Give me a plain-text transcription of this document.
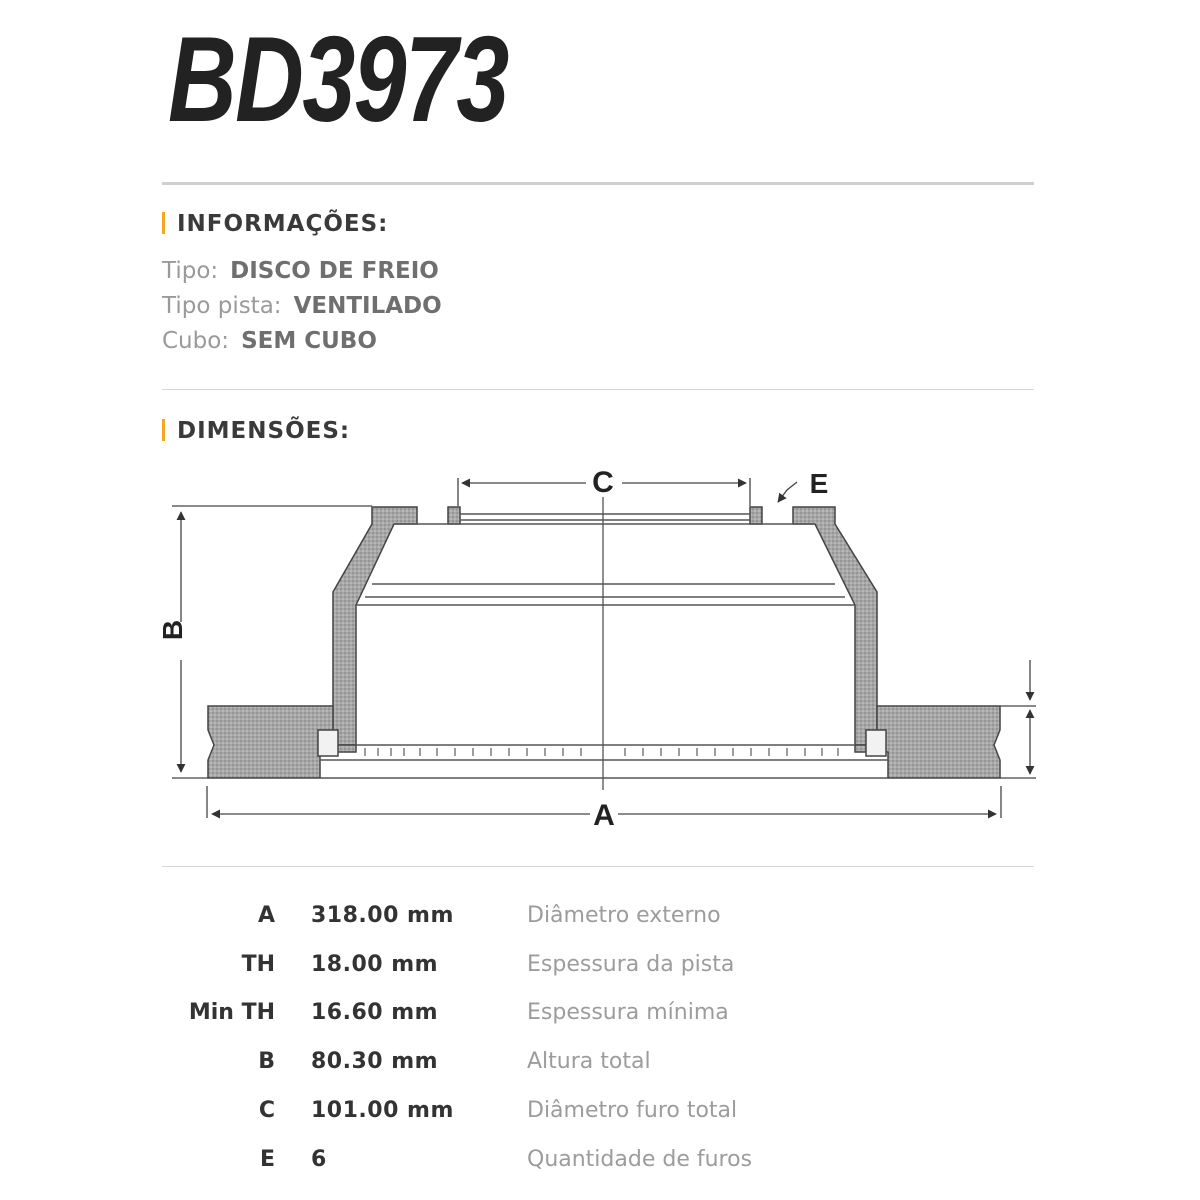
BD3973
INFORMAÇÕES:
Tipo: DISCO DE FREIO
Tipo pista: VENTILADO
Cubo: SEM CUBO
DIMENSÕES:
C	E
B
A
A 318.00 mm	Diâmetro externo
TH 18.00 mm	Espessura da pista
Min TH 16.60 mm	Espessura mínima
B 80.30 mm	Altura total
C 101.00 mm	Diâmetro furo total
E 6	Quantidade de furos
